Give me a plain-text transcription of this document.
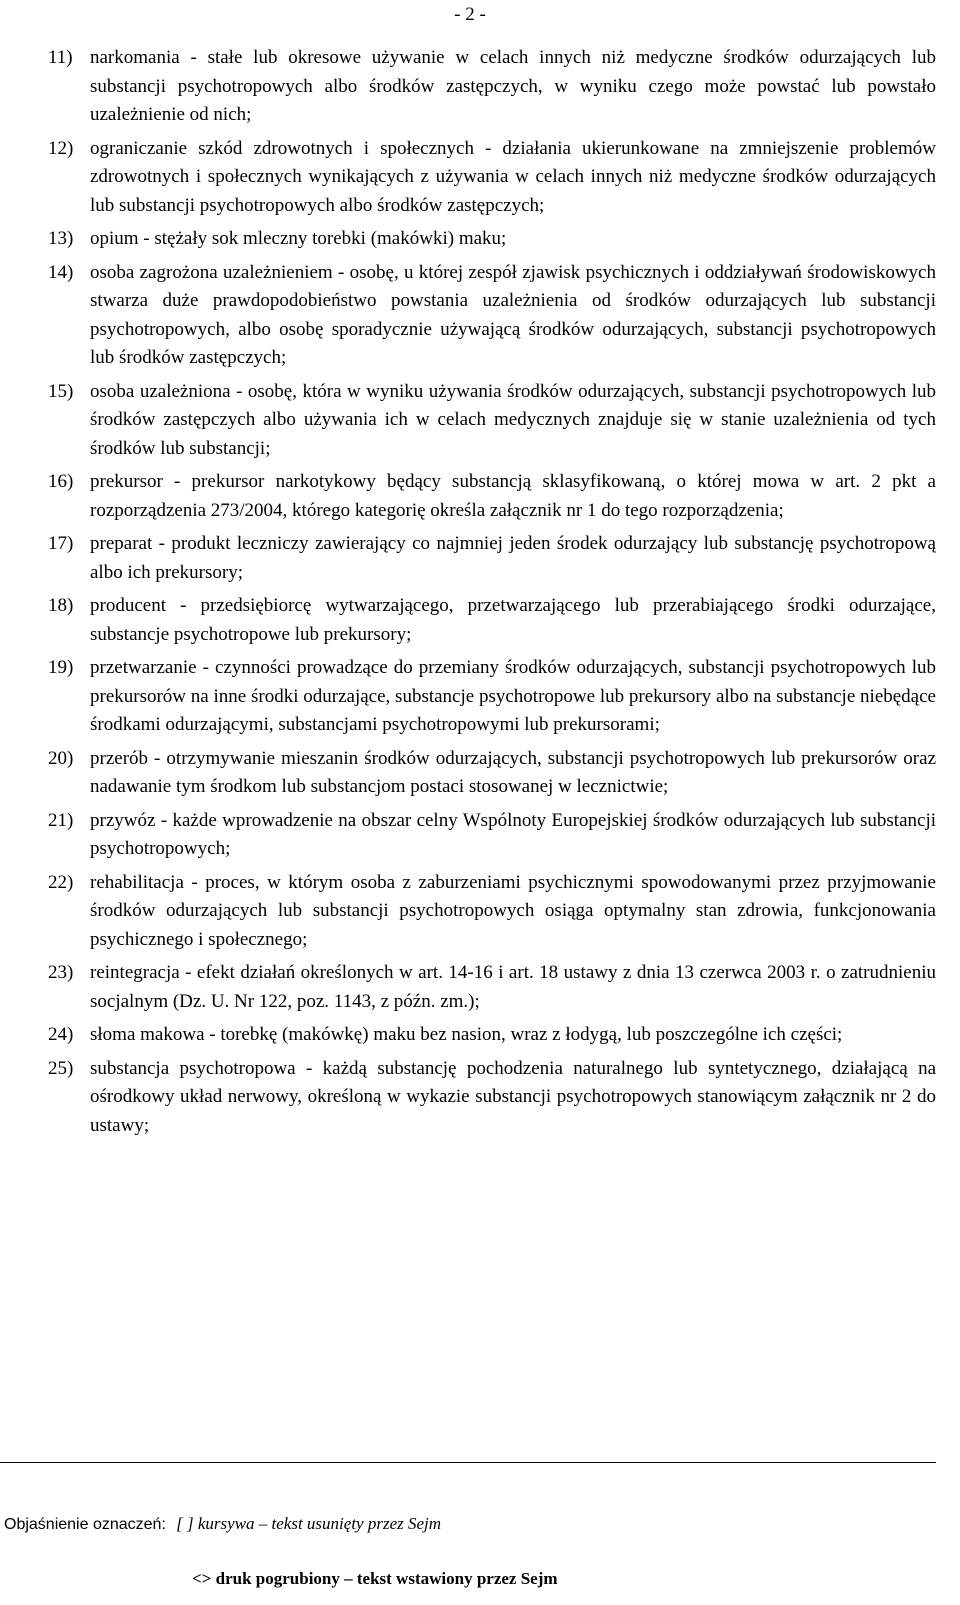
- 2 -
11) narkomania - stałe lub okresowe używanie w celach innych niż medyczne środków odurzających lub substancji psychotropowych albo środków zastępczych, w wyniku czego może powstać lub powstało uzależnienie od nich;
12) ograniczanie szkód zdrowotnych i społecznych - działania ukierunkowane na zmniejszenie problemów zdrowotnych i społecznych wynikających z używania w celach innych niż medyczne środków odurzających lub substancji psychotropowych albo środków zastępczych;
13) opium - stężały sok mleczny torebki (makówki) maku;
14) osoba zagrożona uzależnieniem - osobę, u której zespół zjawisk psychicznych i oddziaływań środowiskowych stwarza duże prawdopodobieństwo powstania uzależnienia od środków odurzających lub substancji psychotropowych, albo osobę sporadycznie używającą środków odurzających, substancji psychotropowych lub środków zastępczych;
15) osoba uzależniona - osobę, która w wyniku używania środków odurzających, substancji psychotropowych lub środków zastępczych albo używania ich w celach medycznych znajduje się w stanie uzależnienia od tych środków lub substancji;
16) prekursor - prekursor narkotykowy będący substancją sklasyfikowaną, o której mowa w art. 2 pkt a rozporządzenia 273/2004, którego kategorię określa załącznik nr 1 do tego rozporządzenia;
17) preparat - produkt leczniczy zawierający co najmniej jeden środek odurzający lub substancję psychotropową albo ich prekursory;
18) producent - przedsiębiorcę wytwarzającego, przetwarzającego lub przerabiającego środki odurzające, substancje psychotropowe lub prekursory;
19) przetwarzanie - czynności prowadzące do przemiany środków odurzających, substancji psychotropowych lub prekursorów na inne środki odurzające, substancje psychotropowe lub prekursory albo na substancje niebędące środkami odurzającymi, substancjami psychotropowymi lub prekursorami;
20) przerób - otrzymywanie mieszanin środków odurzających, substancji psychotropowych lub prekursorów oraz nadawanie tym środkom lub substancjom postaci stosowanej w lecznictwie;
21) przywóz - każde wprowadzenie na obszar celny Wspólnoty Europejskiej środków odurzających lub substancji psychotropowych;
22) rehabilitacja - proces, w którym osoba z zaburzeniami psychicznymi spowodowanymi przez przyjmowanie środków odurzających lub substancji psychotropowych osiąga optymalny stan zdrowia, funkcjonowania psychicznego i społecznego;
23) reintegracja - efekt działań określonych w art. 14-16 i art. 18 ustawy z dnia 13 czerwca 2003 r. o zatrudnieniu socjalnym (Dz. U. Nr 122, poz. 1143, z późn. zm.);
24) słoma makowa - torebkę (makówkę) maku bez nasion, wraz z łodygą, lub poszczególne ich części;
25) substancja psychotropowa - każdą substancję pochodzenia naturalnego lub syntetycznego, działającą na ośrodkowy układ nerwowy, określoną w wykazie substancji psychotropowych stanowiącym załącznik nr 2 do ustawy;
Objaśnienie oznaczeń: [ ] kursywa – tekst usunięty przez Sejm
<> druk pogrubiony – tekst wstawiony przez Sejm
